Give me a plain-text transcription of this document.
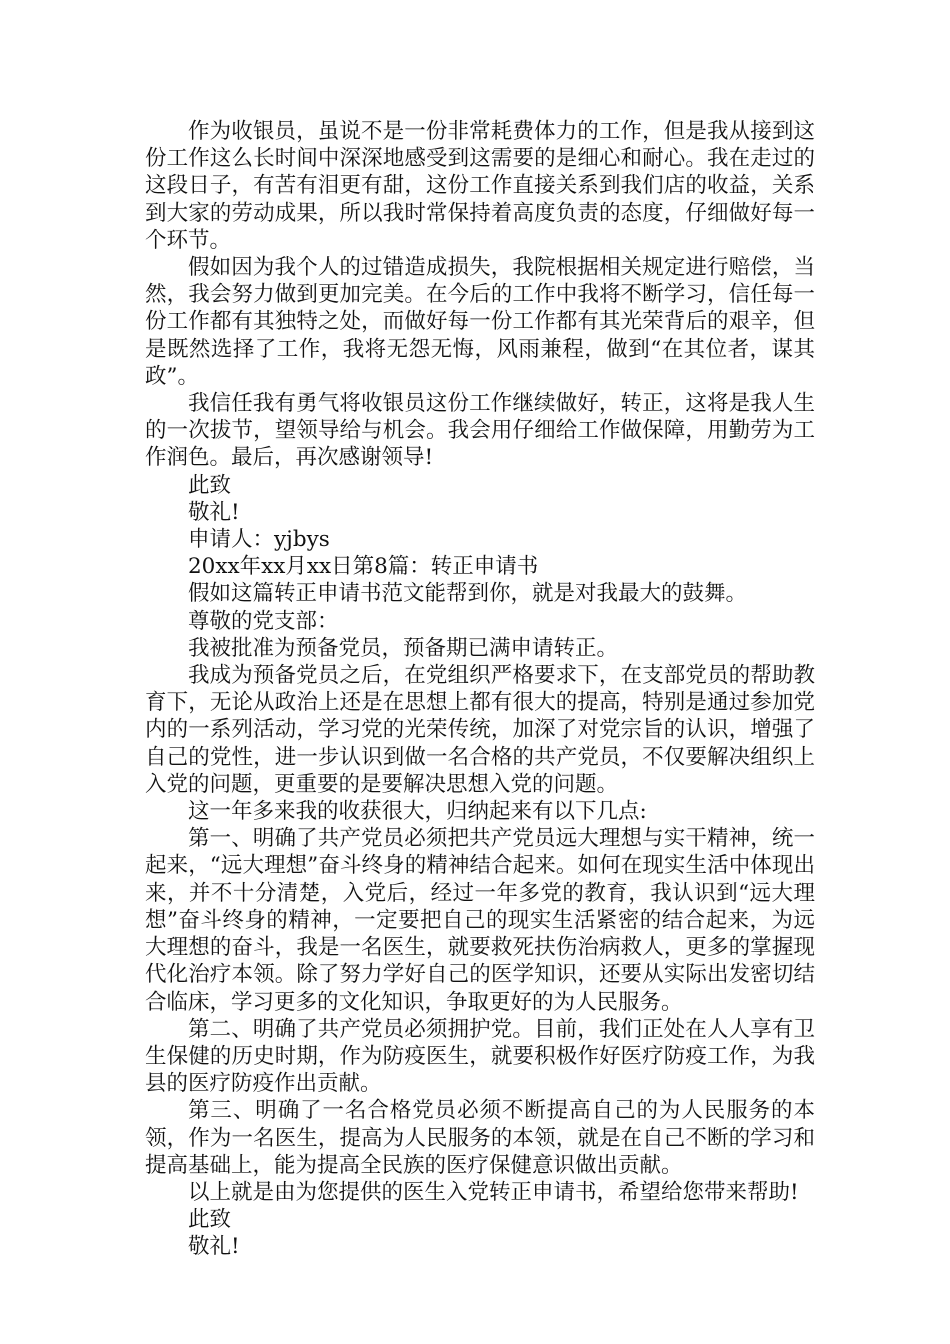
作为收银员，虽说不是一份非常耗费体力的工作，但是我从接到这份工作这么长时间中深深地感受到这需要的是细心和耐心。我在走过的这段日子，有苦有泪更有甜，这份工作直接关系到我们店的收益，关系到大家的劳动成果，所以我时常保持着高度负责的态度，仔细做好每一个环节。

假如因为我个人的过错造成损失，我院根据相关规定进行赔偿，当然，我会努力做到更加完美。在今后的工作中我将不断学习，信任每一份工作都有其独特之处，而做好每一份工作都有其光荣背后的艰辛，但是既然选择了工作，我将无怨无悔，风雨兼程，做到“在其位者，谋其政”。

我信任我有勇气将收银员这份工作继续做好，转正，这将是我人生的一次拔节，望领导给与机会。我会用仔细给工作做保障，用勤劳为工作润色。最后，再次感谢领导!

此致

敬礼!

申请人：yjbys

20xx年xx月xx日第8篇：转正申请书

假如这篇转正申请书范文能帮到你，就是对我最大的鼓舞。

尊敬的党支部：

我被批准为预备党员，预备期已满申请转正。

我成为预备党员之后，在党组织严格要求下，在支部党员的帮助教育下，无论从政治上还是在思想上都有很大的提高，特别是通过参加党内的一系列活动，学习党的光荣传统，加深了对党宗旨的认识，增强了自己的党性，进一步认识到做一名合格的共产党员，不仅要解决组织上入党的问题，更重要的是要解决思想入党的问题。

这一年多来我的收获很大，归纳起来有以下几点:

第一、明确了共产党员必须把共产党员远大理想与实干精神，统一起来，“远大理想”奋斗终身的精神结合起来。如何在现实生活中体现出来，并不十分清楚，入党后，经过一年多党的教育，我认识到“远大理想”奋斗终身的精神，一定要把自己的现实生活紧密的结合起来，为远大理想的奋斗，我是一名医生，就要救死扶伤治病救人，更多的掌握现代化治疗本领。除了努力学好自己的医学知识，还要从实际出发密切结合临床，学习更多的文化知识，争取更好的为人民服务。

第二、明确了共产党员必须拥护党。目前，我们正处在人人享有卫生保健的历史时期，作为防疫医生，就要积极作好医疗防疫工作，为我县的医疗防疫作出贡献。

第三、明确了一名合格党员必须不断提高自己的为人民服务的本领，作为一名医生，提高为人民服务的本领，就是在自己不断的学习和提高基础上，能为提高全民族的医疗保健意识做出贡献。

以上就是由为您提供的医生入党转正申请书，希望给您带来帮助!

此致

敬礼!
